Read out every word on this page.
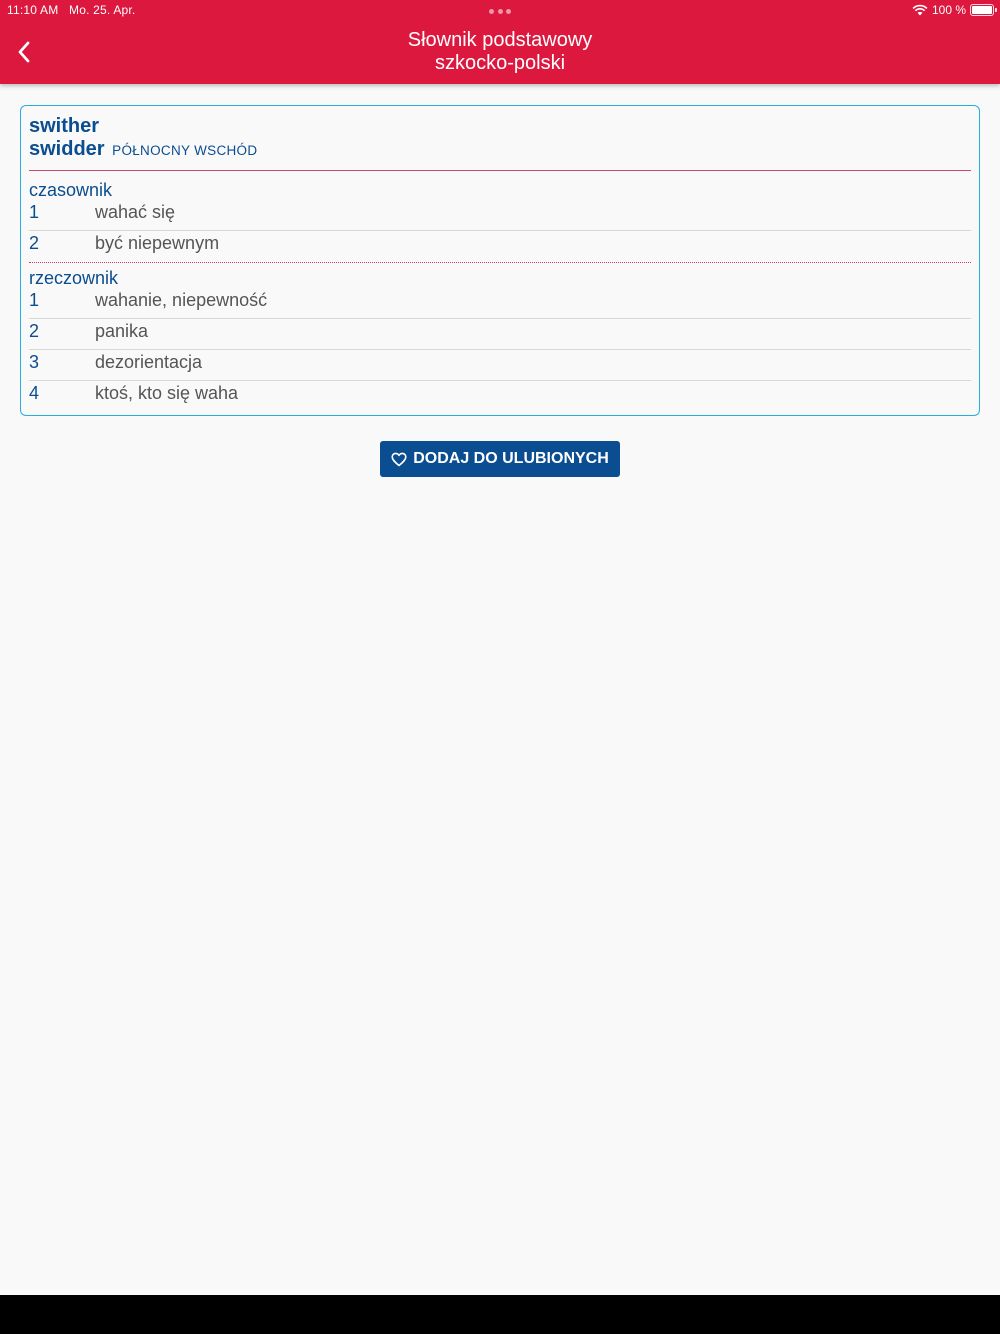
11:10 AM Mo. 25. Apr.	100 %
Słownik podstawowy
szkocko-polski
swither
swidder PÓŁNOCNY WSCHÓD
czasownik
1	wahać się
2	być niepewnym
rzeczownik
1	wahanie, niepewność
2	panika
3	dezorientacja
4	ktoś, kto się waha
DODAJ DO ULUBIONYCH
